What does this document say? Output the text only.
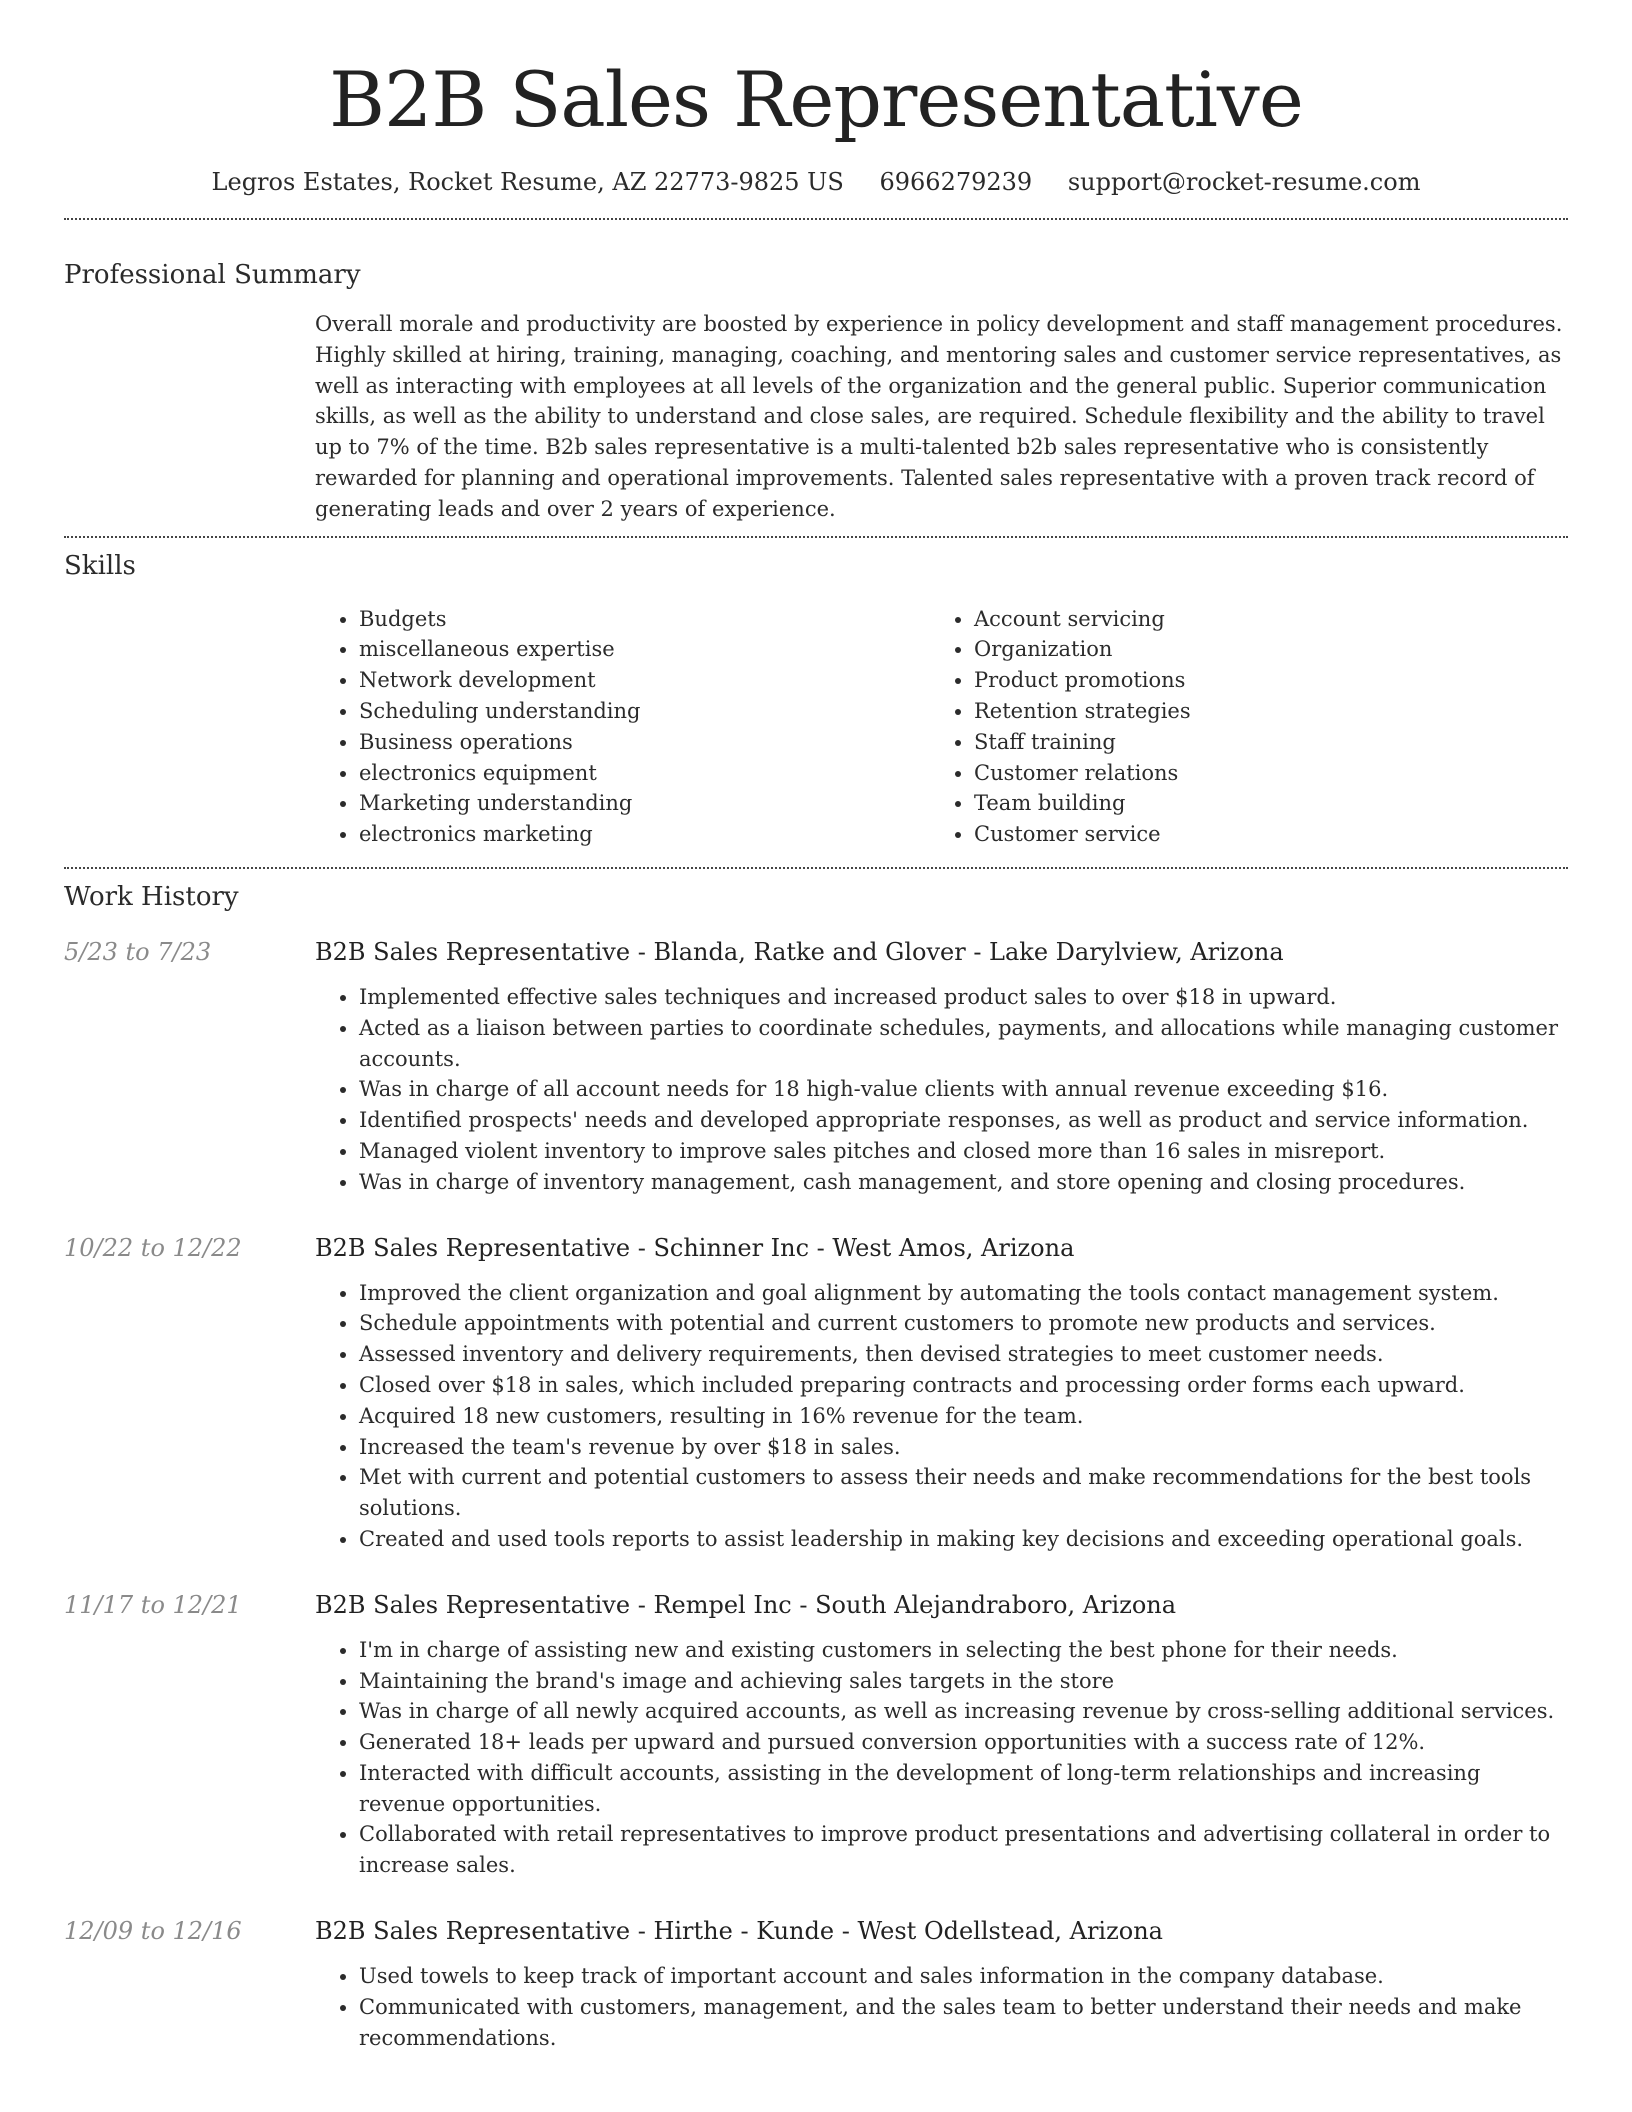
B2B Sales Representative
Legros Estates, Rocket Resume, AZ 22773-9825 US 6966279239 support@rocket-resume.com
Professional Summary
Overall morale and productivity are boosted by experience in policy development and staff management procedures. Highly skilled at hiring, training, managing, coaching, and mentoring sales and customer service representatives, as well as interacting with employees at all levels of the organization and the general public. Superior communication skills, as well as the ability to understand and close sales, are required. Schedule flexibility and the ability to travel up to 7% of the time. B2b sales representative is a multi-talented b2b sales representative who is consistently rewarded for planning and operational improvements. Talented sales representative with a proven track record of generating leads and over 2 years of experience.
Skills
• Budgets
• miscellaneous expertise
• Network development
• Scheduling understanding
• Business operations
• electronics equipment
• Marketing understanding
• electronics marketing
• Account servicing
• Organization
• Product promotions
• Retention strategies
• Staff training
• Customer relations
• Team building
• Customer service
Work History
5/23 to 7/23	B2B Sales Representative - Blanda, Ratke and Glover - Lake Darylview, Arizona
• Implemented effective sales techniques and increased product sales to over $18 in upward.
• Acted as a liaison between parties to coordinate schedules, payments, and allocations while managing customer accounts.
• Was in charge of all account needs for 18 high-value clients with annual revenue exceeding $16.
• Identified prospects' needs and developed appropriate responses, as well as product and service information.
• Managed violent inventory to improve sales pitches and closed more than 16 sales in misreport.
• Was in charge of inventory management, cash management, and store opening and closing procedures.
10/22 to 12/22	B2B Sales Representative - Schinner Inc - West Amos, Arizona
• Improved the client organization and goal alignment by automating the tools contact management system.
• Schedule appointments with potential and current customers to promote new products and services.
• Assessed inventory and delivery requirements, then devised strategies to meet customer needs.
• Closed over $18 in sales, which included preparing contracts and processing order forms each upward.
• Acquired 18 new customers, resulting in 16% revenue for the team.
• Increased the team's revenue by over $18 in sales.
• Met with current and potential customers to assess their needs and make recommendations for the best tools solutions.
• Created and used tools reports to assist leadership in making key decisions and exceeding operational goals.
11/17 to 12/21	B2B Sales Representative - Rempel Inc - South Alejandraboro, Arizona
• I'm in charge of assisting new and existing customers in selecting the best phone for their needs.
• Maintaining the brand's image and achieving sales targets in the store
• Was in charge of all newly acquired accounts, as well as increasing revenue by cross-selling additional services.
• Generated 18+ leads per upward and pursued conversion opportunities with a success rate of 12%.
• Interacted with difficult accounts, assisting in the development of long-term relationships and increasing revenue opportunities.
• Collaborated with retail representatives to improve product presentations and advertising collateral in order to increase sales.
12/09 to 12/16	B2B Sales Representative - Hirthe - Kunde - West Odellstead, Arizona
• Used towels to keep track of important account and sales information in the company database.
• Communicated with customers, management, and the sales team to better understand their needs and make recommendations.
